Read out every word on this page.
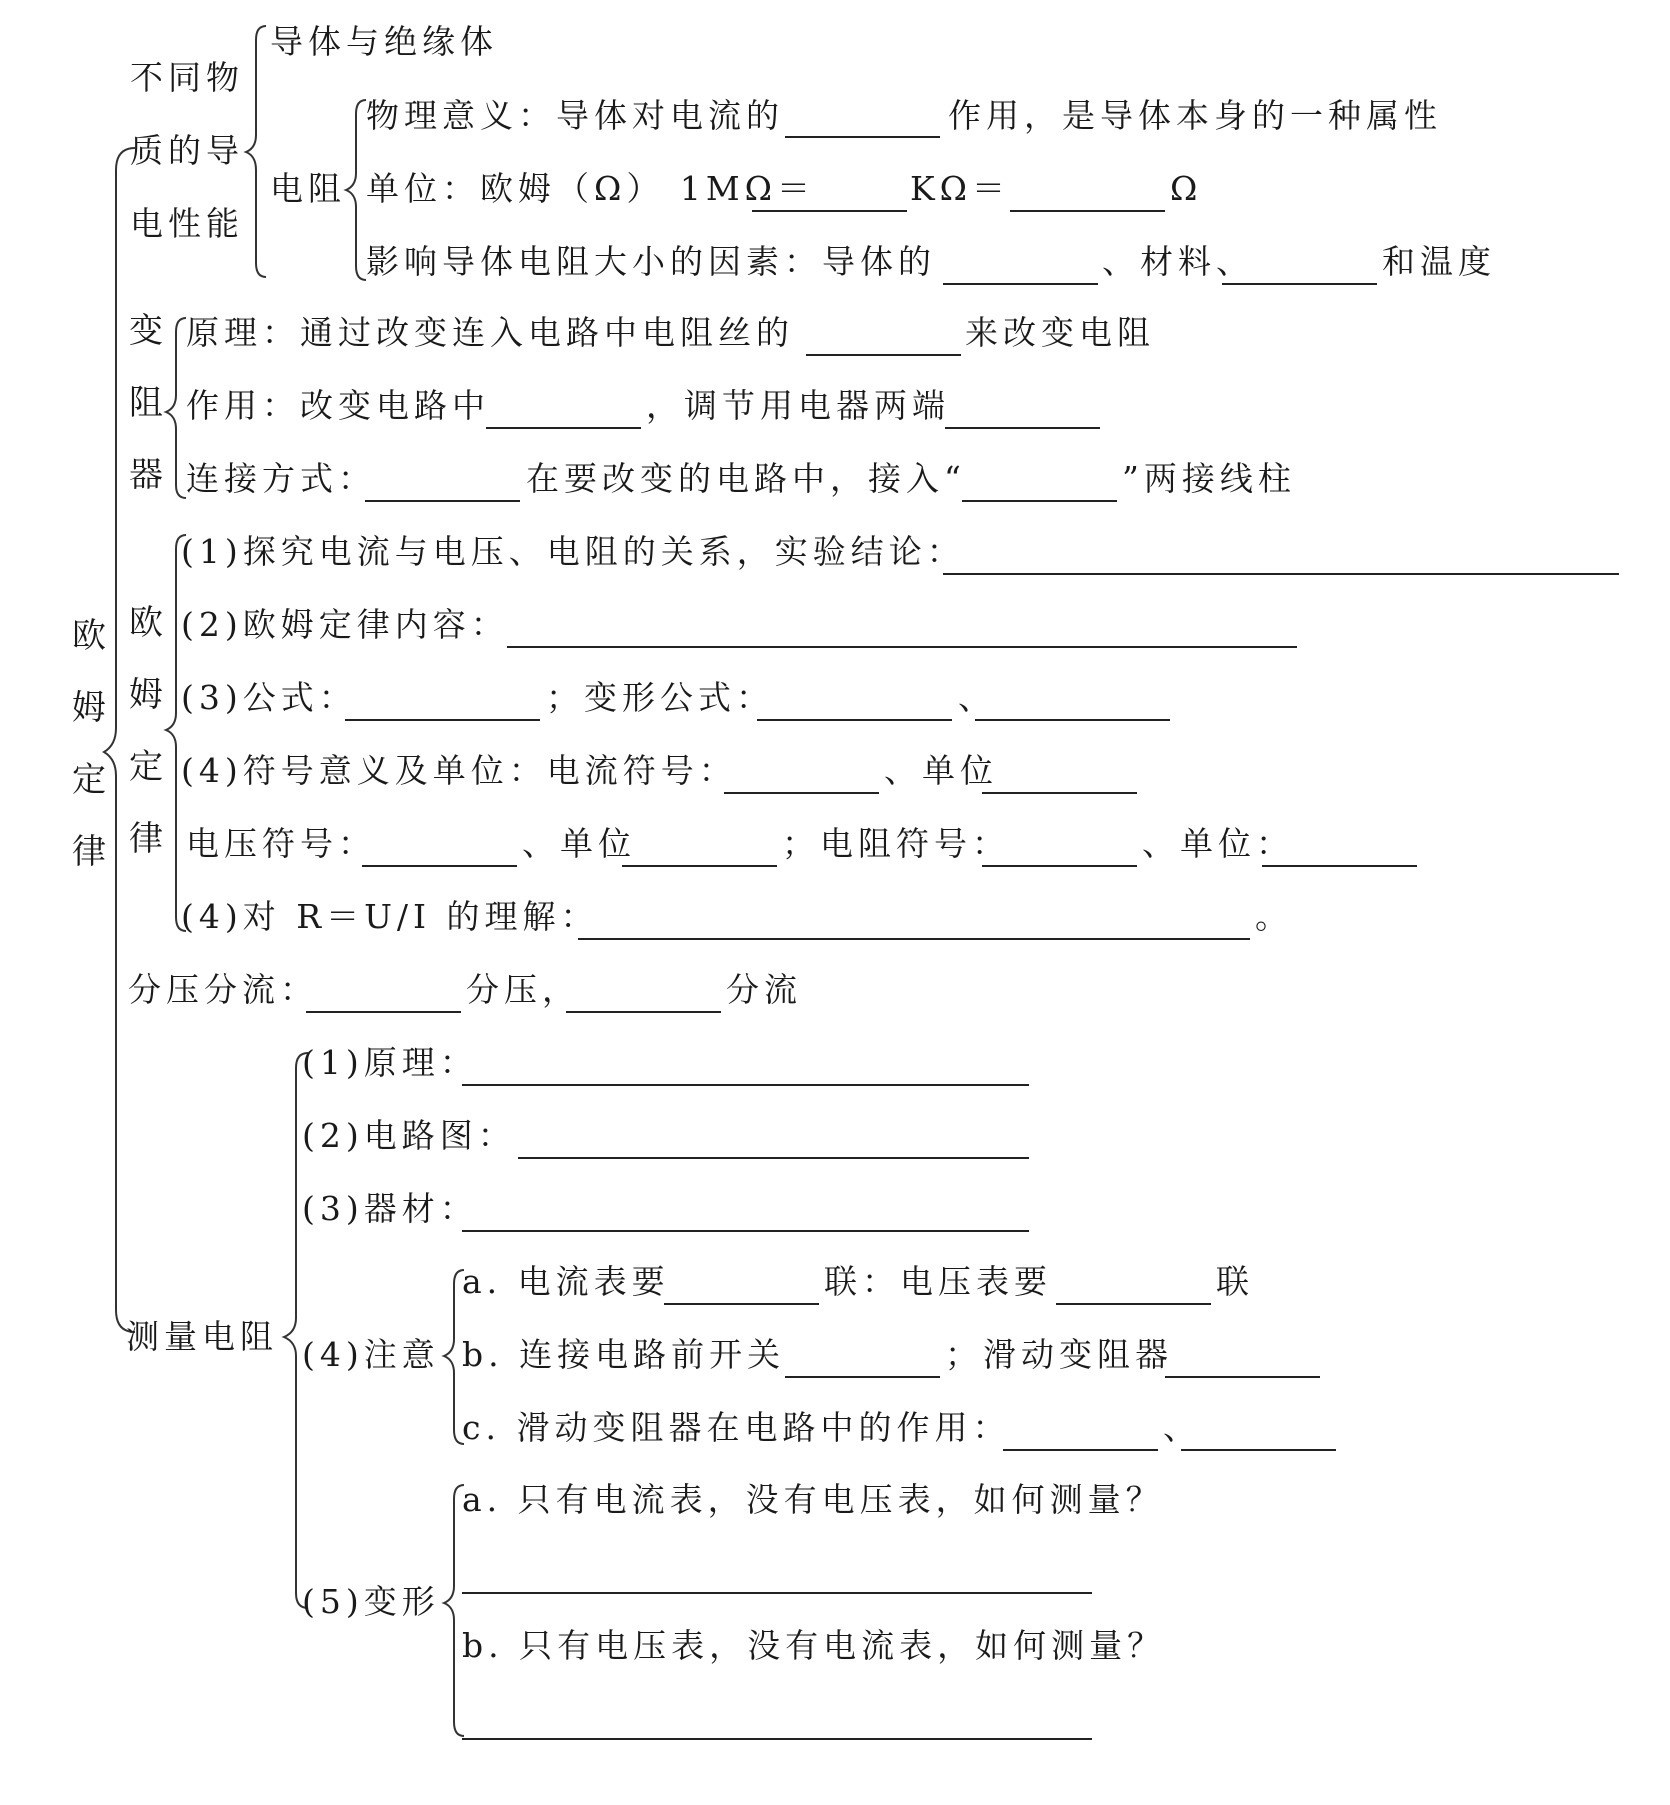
欧姆定律
不同物
质的导
电性能
导体与绝缘体
电阻
物理意义：导体对电流的	作用，是导体本身的一种属性
单位：欧姆（Ω） 1MΩ＝	KΩ＝	Ω
影响导体电阻大小的因素：导体的	、材料、	和温度
变阻器
原理：通过改变连入电路中电阻丝的	来改变电阻
作用：改变电路中	，调节用电器两端
连接方式：	在要改变的电路中，接入“	”两接线柱
欧姆定律
(1)探究电流与电压、电阻的关系，实验结论：
(2)欧姆定律内容：
(3)公式：	；变形公式：	、
(4)符号意义及单位：电流符号：	、单位
电压符号：	、单位	；电阻符号：	、单位：
(4)对 R＝U/I 的理解：	。
分压分流：	分压，	分流
测量电阻
(1)原理：
(2)电路图：
(3)器材：
(4)注意
a. 电流表要	联：电压表要	联
b. 连接电路前开关	；滑动变阻器
c. 滑动变阻器在电路中的作用：	、
(5)变形
a. 只有电流表，没有电压表，如何测量？
b. 只有电压表，没有电流表，如何测量？
